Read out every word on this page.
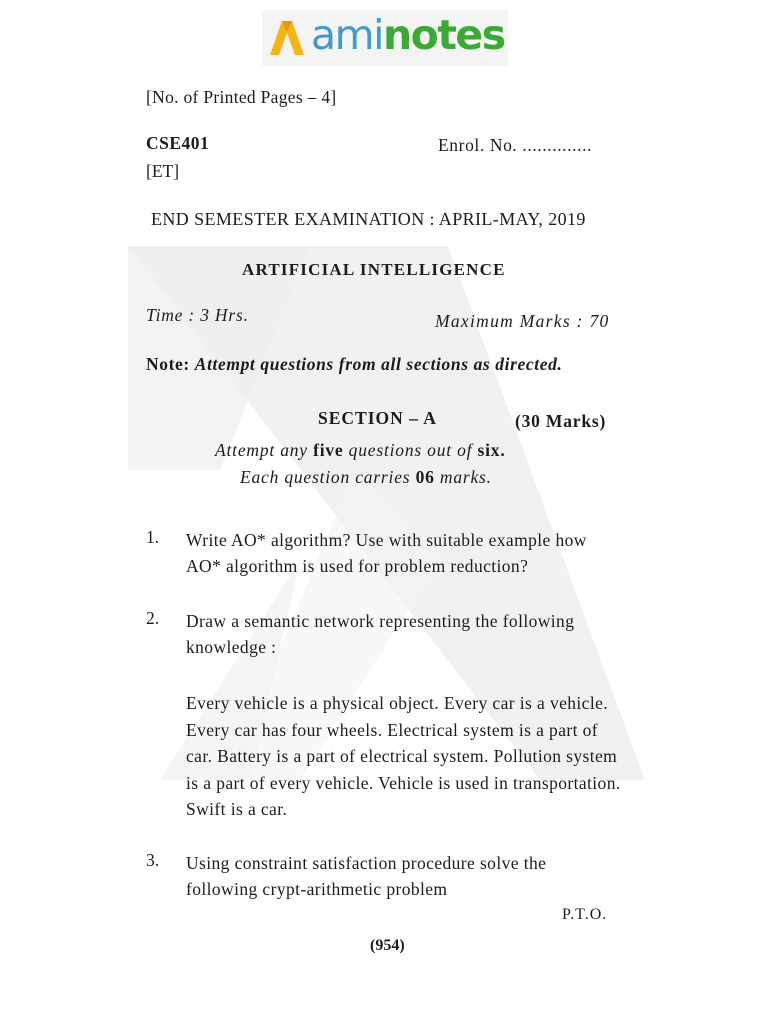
aminotes
[No. of Printed Pages – 4]
CSE401	Enrol. No. ..............
[ET]
END SEMESTER EXAMINATION : APRIL-MAY, 2019
ARTIFICIAL INTELLIGENCE
Time : 3 Hrs.	Maximum Marks : 70
Note: Attempt questions from all sections as directed.
SECTION – A	(30 Marks)
Attempt any five questions out of six.
Each question carries 06 marks.
1. Write AO* algorithm? Use with suitable example how AO* algorithm is used for problem reduction?
2. Draw a semantic network representing the following knowledge :
Every vehicle is a physical object. Every car is a vehicle. Every car has four wheels. Electrical system is a part of car. Battery is a part of electrical system. Pollution system is a part of every vehicle. Vehicle is used in transportation. Swift is a car.
3. Using constraint satisfaction procedure solve the following crypt-arithmetic problem
P.T.O.
(954)
